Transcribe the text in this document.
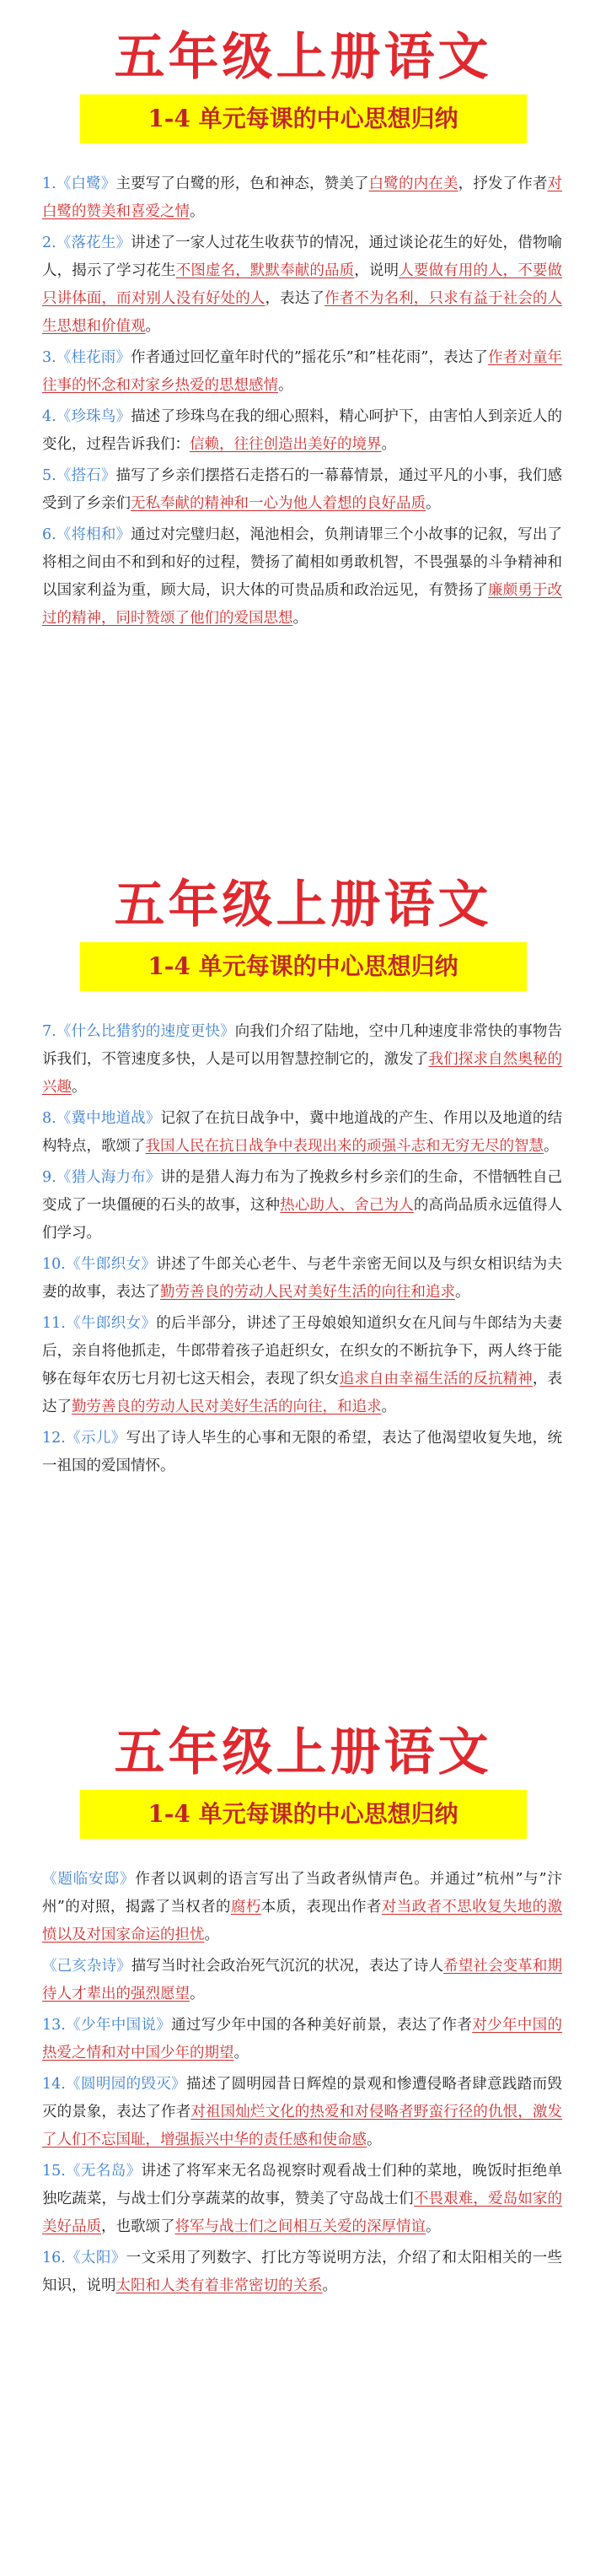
五年级上册语文
1-4 单元每课的中心思想归纳

1.《白鹭》主要写了白鹭的形，色和神态，赞美了白鹭的内在美，抒发了作者对白鹭的赞美和喜爱之情。

2.《落花生》讲述了一家人过花生收获节的情况，通过谈论花生的好处，借物喻人，揭示了学习花生不图虚名，默默奉献的品质，说明人要做有用的人，不要做只讲体面，而对别人没有好处的人，表达了作者不为名利，只求有益于社会的人生思想和价值观。

3.《桂花雨》作者通过回忆童年时代的”摇花乐”和”桂花雨”，表达了作者对童年往事的怀念和对家乡热爱的思想感情。

4.《珍珠鸟》描述了珍珠鸟在我的细心照料，精心呵护下，由害怕人到亲近人的变化，过程告诉我们：信赖，往往创造出美好的境界。

5.《搭石》描写了乡亲们摆搭石走搭石的一幕幕情景，通过平凡的小事，我们感受到了乡亲们无私奉献的精神和一心为他人着想的良好品质。

6.《将相和》通过对完璧归赵，渑池相会，负荆请罪三个小故事的记叙，写出了将相之间由不和到和好的过程，赞扬了蔺相如勇敢机智，不畏强暴的斗争精神和以国家利益为重，顾大局，识大体的可贵品质和政治远见，有赞扬了廉颇勇于改过的精神，同时赞颂了他们的爱国思想。

五年级上册语文
1-4 单元每课的中心思想归纳

7.《什么比猎豹的速度更快》向我们介绍了陆地，空中几种速度非常快的事物告诉我们，不管速度多快，人是可以用智慧控制它的，激发了我们探求自然奥秘的兴趣。

8.《冀中地道战》记叙了在抗日战争中，冀中地道战的产生、作用以及地道的结构特点，歌颂了我国人民在抗日战争中表现出来的顽强斗志和无穷无尽的智慧。

9.《猎人海力布》讲的是猎人海力布为了挽救乡村乡亲们的生命，不惜牺牲自己变成了一块僵硬的石头的故事，这种热心助人、舍己为人的高尚品质永远值得人们学习。

10.《牛郎织女》讲述了牛郎关心老牛、与老牛亲密无间以及与织女相识结为夫妻的故事，表达了勤劳善良的劳动人民对美好生活的向往和追求。

11.《牛郎织女》的后半部分，讲述了王母娘娘知道织女在凡间与牛郎结为夫妻后，亲自将他抓走，牛郎带着孩子追赶织女，在织女的不断抗争下，两人终于能够在每年农历七月初七这天相会，表现了织女追求自由幸福生活的反抗精神，表达了勤劳善良的劳动人民对美好生活的向往，和追求。

12.《示儿》写出了诗人毕生的心事和无限的希望，表达了他渴望收复失地，统一祖国的爱国情怀。

五年级上册语文
1-4 单元每课的中心思想归纳

《题临安邸》作者以讽刺的语言写出了当政者纵情声色。并通过”杭州”与”汴州”的对照，揭露了当权者的腐朽本质，表现出作者对当政者不思收复失地的激愤以及对国家命运的担忧。

《己亥杂诗》描写当时社会政治死气沉沉的状况，表达了诗人希望社会变革和期待人才辈出的强烈愿望。

13.《少年中国说》通过写少年中国的各种美好前景，表达了作者对少年中国的热爱之情和对中国少年的期望。

14.《圆明园的毁灭》描述了圆明园昔日辉煌的景观和惨遭侵略者肆意践踏而毁灭的景象，表达了作者对祖国灿烂文化的热爱和对侵略者野蛮行径的仇恨，激发了人们不忘国耻，增强振兴中华的责任感和使命感。

15.《无名岛》讲述了将军来无名岛视察时观看战士们种的菜地，晚饭时拒绝单独吃蔬菜，与战士们分享蔬菜的故事，赞美了守岛战士们不畏艰难，爱岛如家的美好品质，也歌颂了将军与战士们之间相互关爱的深厚情谊。

16.《太阳》一文采用了列数字、打比方等说明方法，介绍了和太阳相关的一些知识，说明太阳和人类有着非常密切的关系。
